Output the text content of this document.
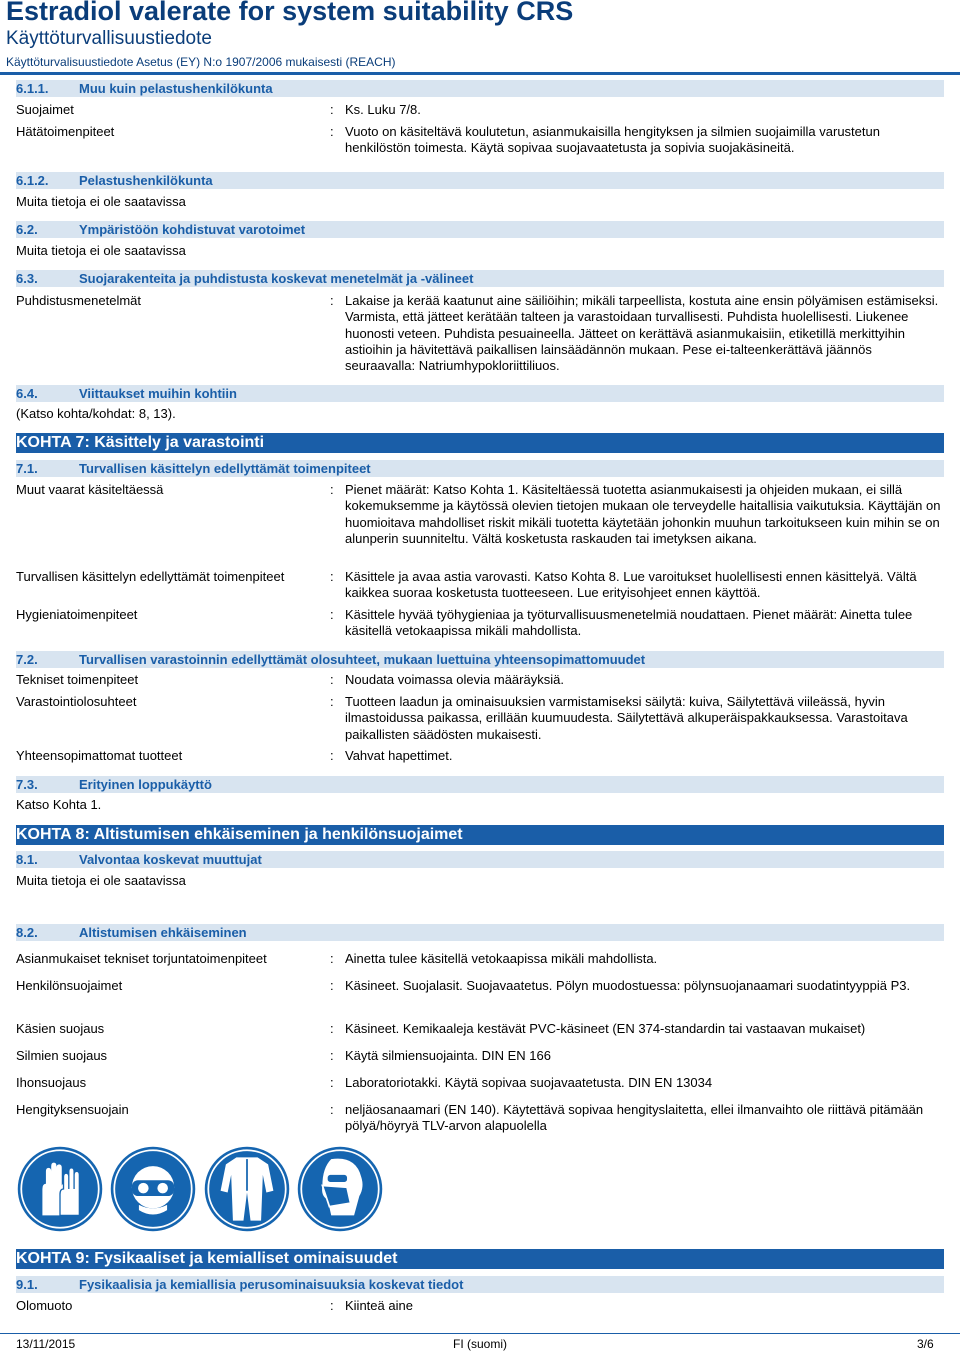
Estradiol valerate for system suitability CRS
Käyttöturvallisuustiedote
Käyttöturvalisuustiedote Asetus (EY) N:o 1907/2006 mukaisesti (REACH)
6.1.1. Muu kuin pelastushenkilökunta
Suojaimet	: Ks. Luku 7/8.
Hätätoimenpiteet	: Vuoto on käsiteltävä koulutetun, asianmukaisilla hengityksen ja silmien suojaimilla varustetun henkilöstön toimesta. Käytä sopivaa suojavaatetusta ja sopivia suojakäsineitä.
6.1.2. Pelastushenkilökunta
Muita tietoja ei ole saatavissa
6.2.	Ympäristöön kohdistuvat varotoimet
Muita tietoja ei ole saatavissa
6.3.	Suojarakenteita ja puhdistusta koskevat menetelmät ja -välineet
Puhdistusmenetelmät	: Lakaise ja kerää kaatunut aine säiliöihin; mikäli tarpeellista, kostuta aine ensin pölyämisen estämiseksi. Varmista, että jätteet kerätään talteen ja varastoidaan turvallisesti. Puhdista huolellisesti. Liukenee huonosti veteen. Puhdista pesuaineella. Jätteet on kerättävä asianmukaisiin, etiketillä merkittyihin astioihin ja hävitettävä paikallisen lainsäädännön mukaan. Pese ei-talteenkerättävä jäännös seuraavalla: Natriumhypokloriittiliuos.
6.4.	Viittaukset muihin kohtiin
(Katso kohta/kohdat: 8, 13).
KOHTA 7: Käsittely ja varastointi
7.1.	Turvallisen käsittelyn edellyttämät toimenpiteet
Muut vaarat käsiteltäessä	: Pienet määrät: Katso Kohta 1. Käsiteltäessä tuotetta asianmukaisesti ja ohjeiden mukaan, ei sillä kokemuksemme ja käytössä olevien tietojen mukaan ole terveydelle haitallisia vaikutuksia. Käyttäjän on huomioitava mahdolliset riskit mikäli tuotetta käytetään johonkin muuhun tarkoitukseen kuin mihin se on alunperin suunniteltu. Vältä kosketusta raskauden tai imetyksen aikana.
Turvallisen käsittelyn edellyttämät toimenpiteet	: Käsittele ja avaa astia varovasti. Katso Kohta 8. Lue varoitukset huolellisesti ennen käsittelyä. Vältä kaikkea suoraa kosketusta tuotteeseen. Lue erityisohjeet ennen käyttöä.
Hygieniatoimenpiteet	: Käsittele hyvää työhygieniaa ja työturvallisuusmenetelmiä noudattaen. Pienet määrät: Ainetta tulee käsitellä vetokaapissa mikäli mahdollista.
7.2.	Turvallisen varastoinnin edellyttämät olosuhteet, mukaan luettuina yhteensopimattomuudet
Tekniset toimenpiteet	: Noudata voimassa olevia määräyksiä.
Varastointiolosuhteet	: Tuotteen laadun ja ominaisuuksien varmistamiseksi säilytä: kuiva, Säilytettävä viileässä, hyvin ilmastoidussa paikassa, erillään kuumuudesta. Säilytettävä alkuperäispakkauksessa. Varastoitava paikallisten säädösten mukaisesti.
Yhteensopimattomat tuotteet	: Vahvat hapettimet.
7.3.	Erityinen loppukäyttö
Katso Kohta 1.
KOHTA 8: Altistumisen ehkäiseminen ja henkilönsuojaimet
8.1.	Valvontaa koskevat muuttujat
Muita tietoja ei ole saatavissa
8.2.	Altistumisen ehkäiseminen
Asianmukaiset tekniset torjuntatoimenpiteet	: Ainetta tulee käsitellä vetokaapissa mikäli mahdollista.
Henkilönsuojaimet	: Käsineet. Suojalasit. Suojavaatetus. Pölyn muodostuessa: pölynsuojanaamari suodatintyyppiä P3.
Käsien suojaus	: Käsineet. Kemikaaleja kestävät PVC-käsineet (EN 374-standardin tai vastaavan mukaiset)
Silmien suojaus	: Käytä silmiensuojainta. DIN EN 166
Ihonsuojaus	: Laboratoriotakki. Käytä sopivaa suojavaatetusta. DIN EN 13034
Hengityksensuojain	: neljäosanaamari (EN 140). Käytettävä sopivaa hengityslaitetta, ellei ilmanvaihto ole riittävä pitämään pölyä/höyryä TLV-arvon alapuolella
KOHTA 9: Fysikaaliset ja kemialliset ominaisuudet
9.1.	Fysikaalisia ja kemiallisia perusominaisuuksia koskevat tiedot
Olomuoto	: Kiinteä aine
13/11/2015	FI (suomi)	3/6
